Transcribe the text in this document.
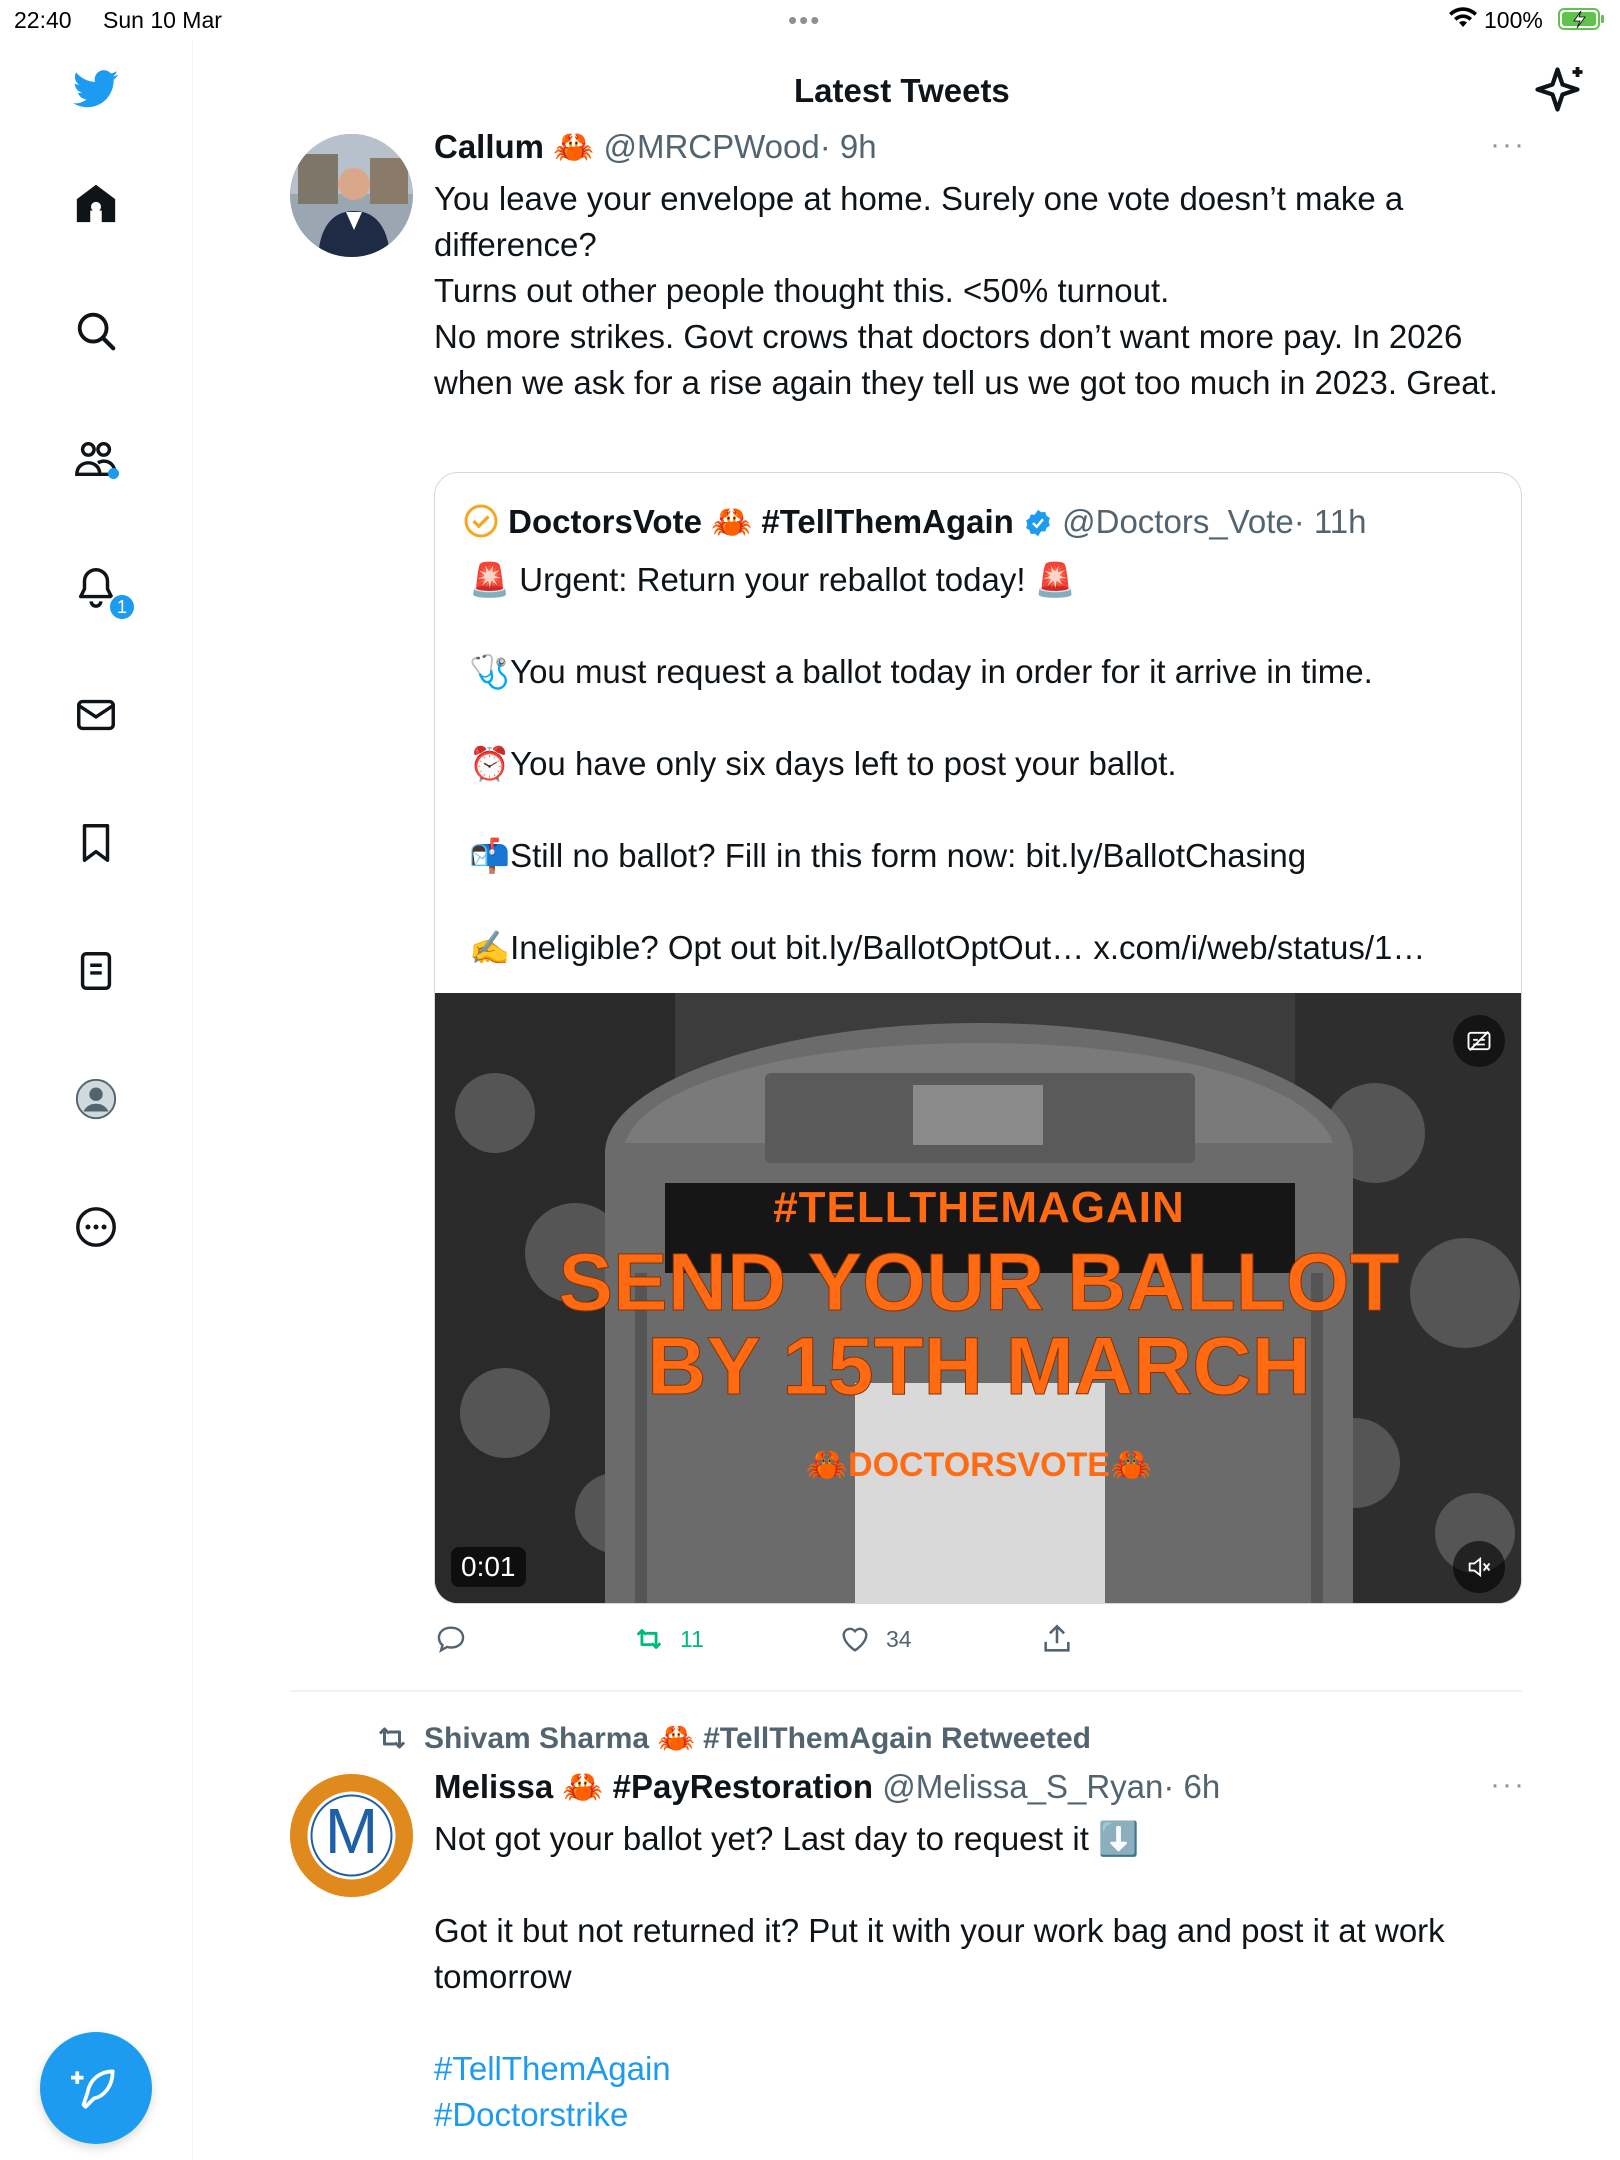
22:40 Sun 10 Mar	•••	100%
1
Latest Tweets
Callum 🦀 @MRCPWood· 9h	···
You leave your envelope at home. Surely one vote doesn’t make a difference?
Turns out other people thought this. <50% turnout.
No more strikes. Govt crows that doctors don’t want more pay. In 2026 when we ask for a rise again they tell us we got too much in 2023. Great.
DoctorsVote 🦀 #TellThemAgain @Doctors_Vote· 11h
🚨 Urgent: Return your reballot today! 🚨

🩺You must request a ballot today in order for it arrive in time.

⏰You have only six days left to post your ballot.

📬Still no ballot? Fill in this form now: bit.ly/BallotChasing

✍️Ineligible? Opt out bit.ly/BallotOptOut… x.com/i/web/status/1…
#TELLTHEMAGAIN
SEND YOUR BALLOT
BY 15TH MARCH
🦀DOCTORSVOTE🦀
0:01
11	34
Shivam Sharma 🦀 #TellThemAgain Retweeted
M
Melissa 🦀 #PayRestoration @Melissa_S_Ryan· 6h	···
Not got your ballot yet? Last day to request it ⬇️
Got it but not returned it? Put it with your work bag and post it at work tomorrow
#TellThemAgain
#Doctorstrike
